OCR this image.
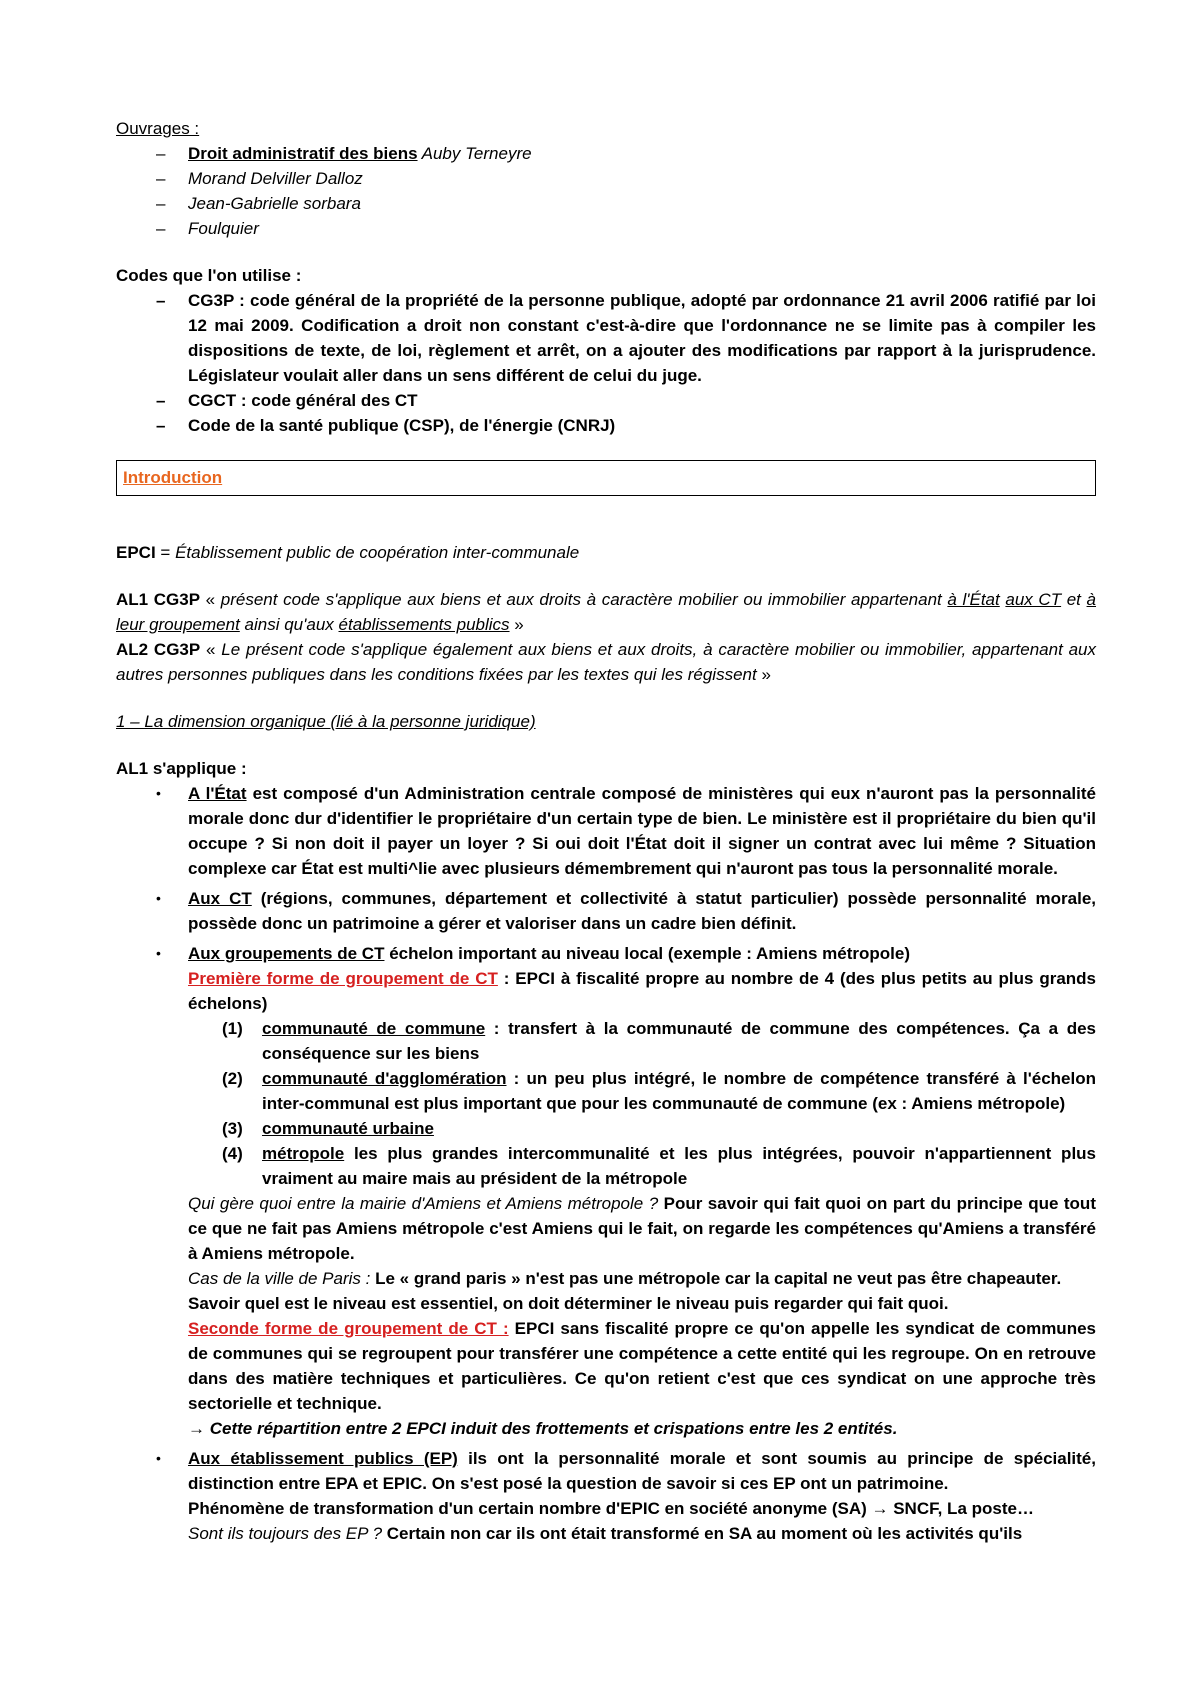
Ouvrages :

– Droit administratif des biens Auby Terneyre
– Morand Delviller Dalloz
– Jean-Gabrielle sorbara
– Foulquier

Codes que l'on utilise :

– CG3P : code général de la propriété de la personne publique, adopté par ordonnance 21 avril 2006 ratifié par loi 12 mai 2009. Codification a droit non constant c'est-à-dire que l'ordonnance ne se limite pas à compiler les dispositions de texte, de loi, règlement et arrêt, on a ajouter des modifications par rapport à la jurisprudence. Législateur voulait aller dans un sens différent de celui du juge.
– CGCT : code général des CT
– Code de la santé publique (CSP), de l'énergie (CNRJ)
Introduction

EPCI = Établissement public de coopération inter-communale

AL1 CG3P « présent code s'applique aux biens et aux droits à caractère mobilier ou immobilier appartenant à l'État aux CT et à leur groupement ainsi qu'aux établissements publics »

AL2 CG3P « Le présent code s'applique également aux biens et aux droits, à caractère mobilier ou immobilier, appartenant aux autres personnes publiques dans les conditions fixées par les textes qui les régissent »

1 – La dimension organique (lié à la personne juridique)

AL1 s'applique :

• A l'État est composé d'un Administration centrale composé de ministères qui eux n'auront pas la personnalité morale donc dur d'identifier le propriétaire d'un certain type de bien. Le ministère est il propriétaire du bien qu'il occupe ? Si non doit il payer un loyer ? Si oui doit l'État doit il signer un contrat avec lui même ? Situation complexe car État est multi^lie avec plusieurs démembrement qui n'auront pas tous la personnalité morale.
• Aux CT (régions, communes, département et collectivité à statut particulier) possède personnalité morale, possède donc un patrimoine a gérer et valoriser dans un cadre bien définit.
• Aux groupements de CT échelon important au niveau local (exemple : Amiens métropole)

Première forme de groupement de CT : EPCI à fiscalité propre au nombre de 4 (des plus petits au plus grands échelons)

(1) communauté de commune : transfert à la communauté de commune des compétences. Ça a des conséquence sur les biens
(2) communauté d'agglomération : un peu plus intégré, le nombre de compétence transféré à l'échelon inter-communal est plus important que pour les communauté de commune (ex : Amiens métropole)
(3) communauté urbaine
(4) métropole les plus grandes intercommunalité et les plus intégrées, pouvoir n'appartiennent plus vraiment au maire mais au président de la métropole

Qui gère quoi entre la mairie d'Amiens et Amiens métropole ? Pour savoir qui fait quoi on part du principe que tout ce que ne fait pas Amiens métropole c'est Amiens qui le fait, on regarde les compétences qu'Amiens a transféré à Amiens métropole.

Cas de la ville de Paris : Le « grand paris » n'est pas une métropole car la capital ne veut pas être chapeauter.

Savoir quel est le niveau est essentiel, on doit déterminer le niveau puis regarder qui fait quoi.

Seconde forme de groupement de CT : EPCI sans fiscalité propre ce qu'on appelle les syndicat de communes de communes qui se regroupent pour transférer une compétence a cette entité qui les regroupe. On en retrouve dans des matière techniques et particulières. Ce qu'on retient c'est que ces syndicat on une approche très sectorielle et technique.

→ Cette répartition entre 2 EPCI induit des frottements et crispations entre les 2 entités.

• Aux établissement publics (EP) ils ont la personnalité morale et sont soumis au principe de spécialité, distinction entre EPA et EPIC. On s'est posé la question de savoir si ces EP ont un patrimoine.

Phénomène de transformation d'un certain nombre d'EPIC en société anonyme (SA) → SNCF, La poste…

Sont ils toujours des EP ? Certain non car ils ont était transformé en SA au moment où les activités qu'ils
